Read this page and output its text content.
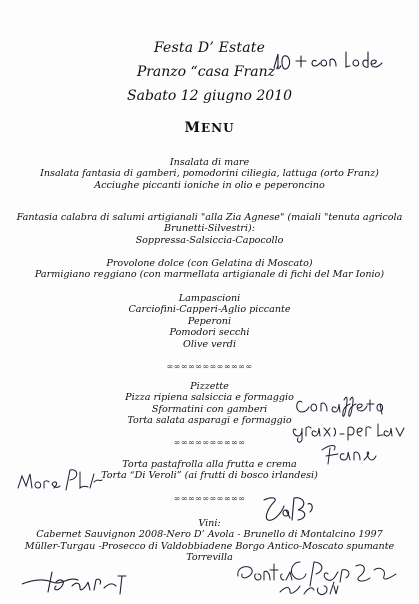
Festa D’ Estate

Pranzo “casa Franz”

Sabato 12 giugno 2010

MENU

Insalata di mare

Insalata fantasia di gamberi, pomodorini ciliegia, lattuga (orto Franz)

Acciughe piccanti ioniche in olio e peperoncino

Fantasia calabra di salumi artigianali "alla Zia Agnese" (maiali "tenuta agricola

Brunetti-Silvestri):

Soppressa-Salsiccia-Capocollo

Provolone dolce (con Gelatina di Moscato)

Parmigiano reggiano (con marmellata artigianale di fichi del Mar Ionio)

Lampascioni

Carciofini-Capperi-Aglio piccante

Peperoni

Pomodori secchi

Olive verdi

∞∞∞∞∞∞∞∞∞∞∞∞

Pizzette

Pizza ripiena salsiccia e formaggio

Sformatini con gamberi

Torta salata asparagi e formaggio

∞∞∞∞∞∞∞∞∞∞

Torta pastafrolla alla frutta e crema

Torta “Di Veroli” (ai frutti di bosco irlandesi)

∞∞∞∞∞∞∞∞∞∞

Vini:

Cabernet Sauvignon 2008-Nero D’ Avola - Brunello di Montalcino 1997

Müller-Turgau -Prosecco di Valdobbiadene Borgo Antico-Moscato spumante

Torrevilla
